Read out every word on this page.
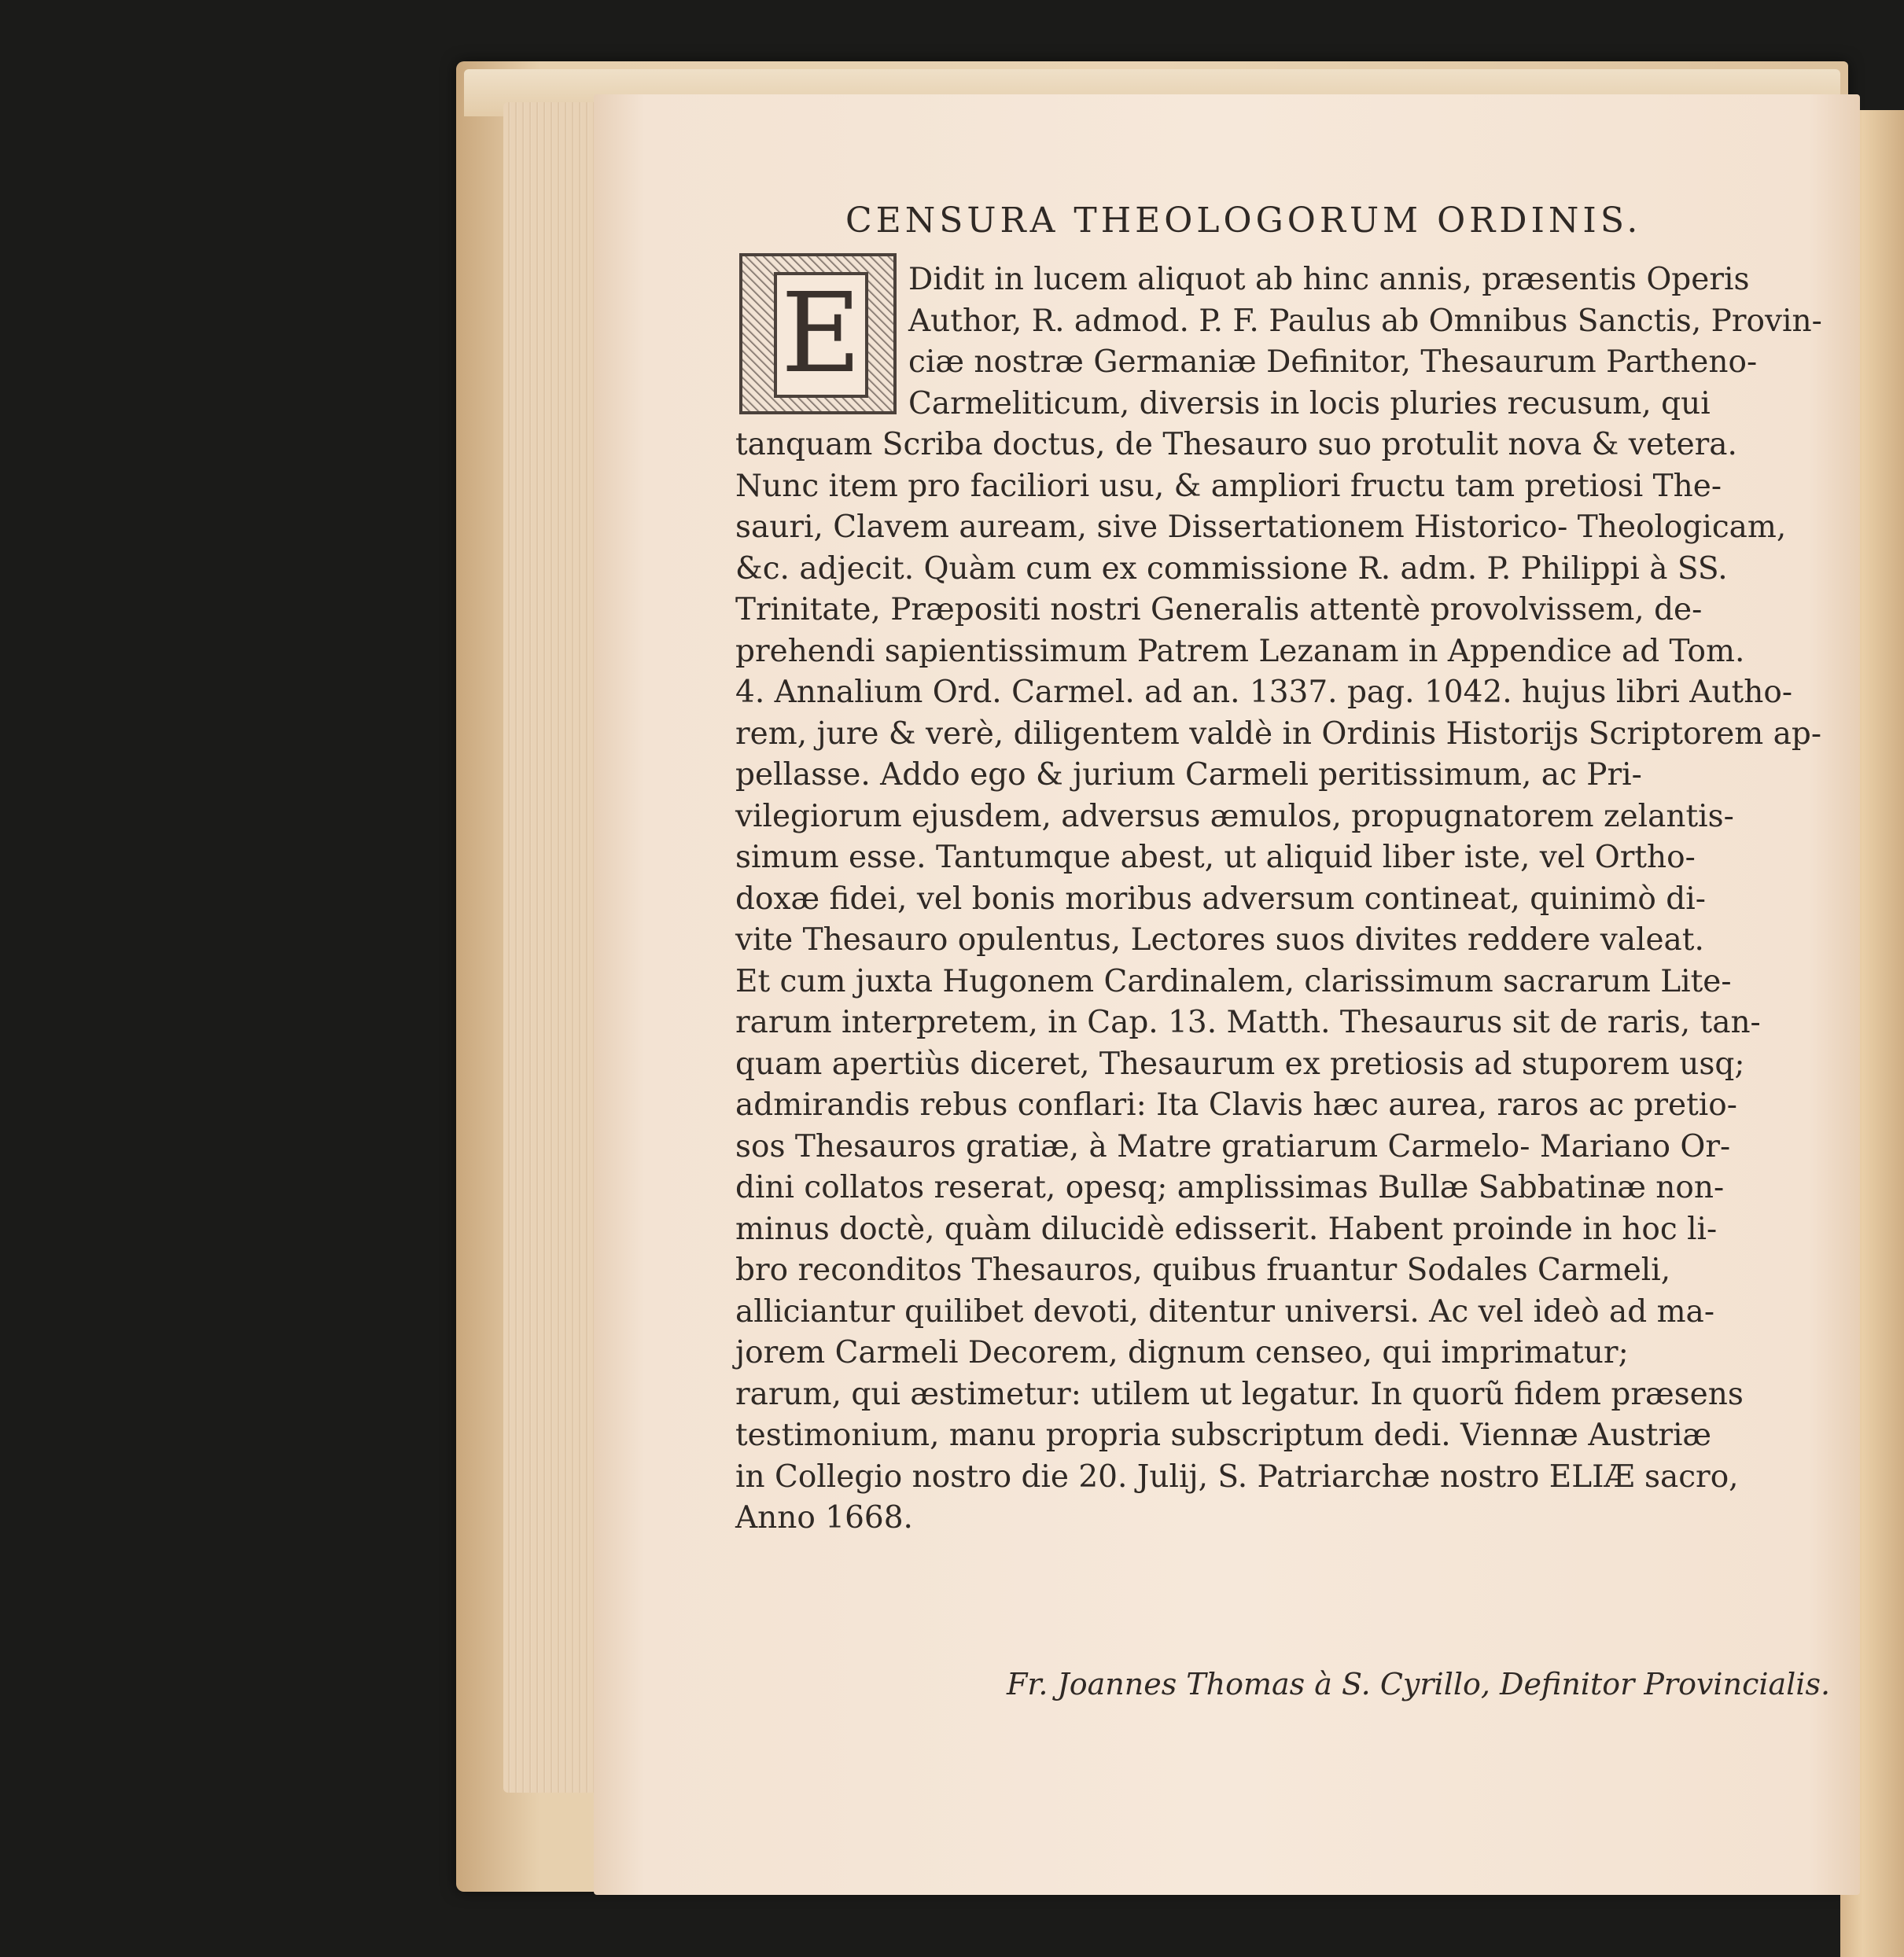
CENSURA THEOLOGORUM ORDINIS.
E Didit in lucem aliquot ab hinc annis, præsentis Operis
Author, R. admod. P. F. Paulus ab Omnibus Sanctis, Provin-
ciæ nostræ Germaniæ Definitor, Thesaurum Partheno-
Carmeliticum, diversis in locis pluries recusum, qui
tanquam Scriba doctus, de Thesauro suo protulit nova & vetera.
Nunc item pro faciliori usu, & ampliori fructu tam pretiosi The-
sauri, Clavem auream, sive Dissertationem Historico- Theologicam,
&c. adjecit. Quàm cum ex commissione R. adm. P. Philippi à SS.
Trinitate, Præpositi nostri Generalis attentè provolvissem, de-
prehendi sapientissimum Patrem Lezanam in Appendice ad Tom.
4. Annalium Ord. Carmel. ad an. 1337. pag. 1042. hujus libri Autho-
rem, jure & verè, diligentem valdè in Ordinis Historijs Scriptorem ap-
pellasse. Addo ego & jurium Carmeli peritissimum, ac Pri-
vilegiorum ejusdem, adversus æmulos, propugnatorem zelantis-
simum esse. Tantumque abest, ut aliquid liber iste, vel Ortho-
doxæ fidei, vel bonis moribus adversum contineat, quinimò di-
vite Thesauro opulentus, Lectores suos divites reddere valeat.
Et cum juxta Hugonem Cardinalem, clarissimum sacrarum Lite-
rarum interpretem, in Cap. 13. Matth. Thesaurus sit de raris, tan-
quam apertiùs diceret, Thesaurum ex pretiosis ad stuporem usq;
admirandis rebus conflari: Ita Clavis hæc aurea, raros ac pretio-
sos Thesauros gratiæ, à Matre gratiarum Carmelo- Mariano Or-
dini collatos reserat, opesq; amplissimas Bullæ Sabbatinæ non-
minus doctè, quàm dilucidè edisserit. Habent proinde in hoc li-
bro reconditos Thesauros, quibus fruantur Sodales Carmeli,
alliciantur quilibet devoti, ditentur universi. Ac vel ideò ad ma-
jorem Carmeli Decorem, dignum censeo, qui imprimatur;
rarum, qui æstimetur: utilem ut legatur. In quorũ fidem præsens
testimonium, manu propria subscriptum dedi. Viennæ Austriæ
in Collegio nostro die 20. Julij, S. Patriarchæ nostro ELIÆ sacro,
Anno 1668.
Fr. Joannes Thomas à S. Cyrillo, Definitor Provincialis.
